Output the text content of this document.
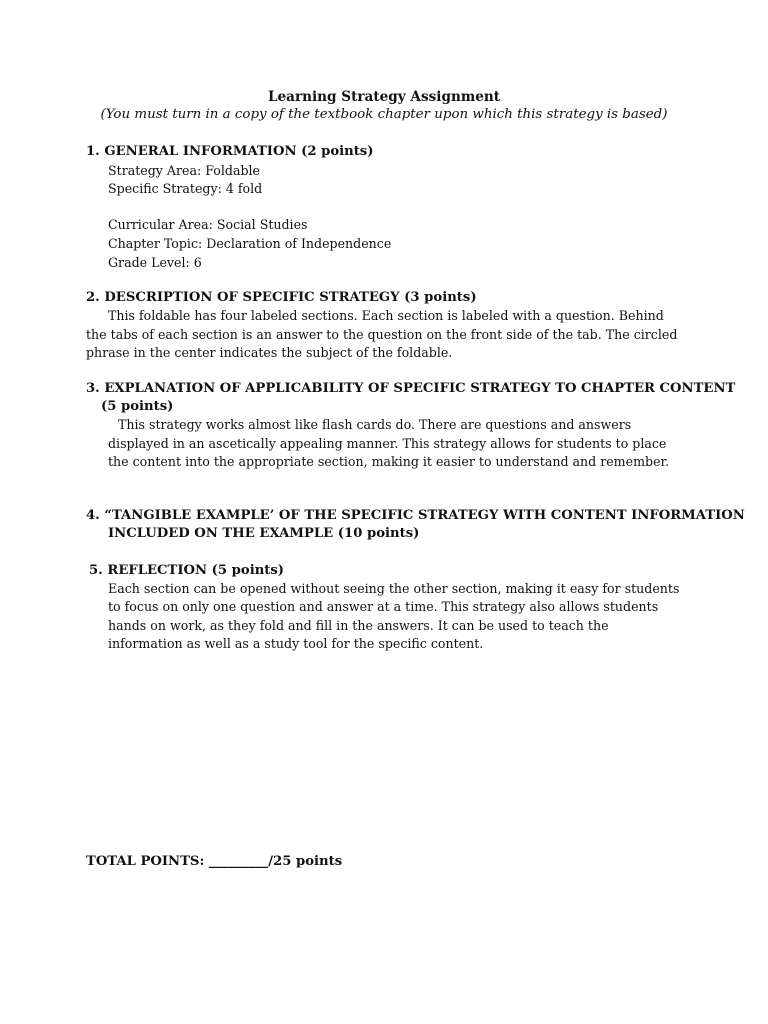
Learning Strategy Assignment
(You must turn in a copy of the textbook chapter upon which this strategy is based)
1. GENERAL INFORMATION (2 points)
Strategy Area: Foldable
Specific Strategy: 4 fold
Curricular Area: Social Studies
Chapter Topic: Declaration of Independence
Grade Level: 6
2. DESCRIPTION OF SPECIFIC STRATEGY (3 points)
This foldable has four labeled sections. Each section is labeled with a question. Behind
the tabs of each section is an answer to the question on the front side of the tab. The circled
phrase in the center indicates the subject of the foldable.
3. EXPLANATION OF APPLICABILITY OF SPECIFIC STRATEGY TO CHAPTER CONTENT
(5 points)
This strategy works almost like flash cards do. There are questions and answers
displayed in an ascetically appealing manner. This strategy allows for students to place
the content into the appropriate section, making it easier to understand and remember.
4. “TANGIBLE EXAMPLE’ OF THE SPECIFIC STRATEGY WITH CONTENT INFORMATION
INCLUDED ON THE EXAMPLE (10 points)
5. REFLECTION (5 points)
Each section can be opened without seeing the other section, making it easy for students
to focus on only one question and answer at a time. This strategy also allows students
hands on work, as they fold and fill in the answers. It can be used to teach the
information as well as a study tool for the specific content.
TOTAL POINTS: _________/25 points
